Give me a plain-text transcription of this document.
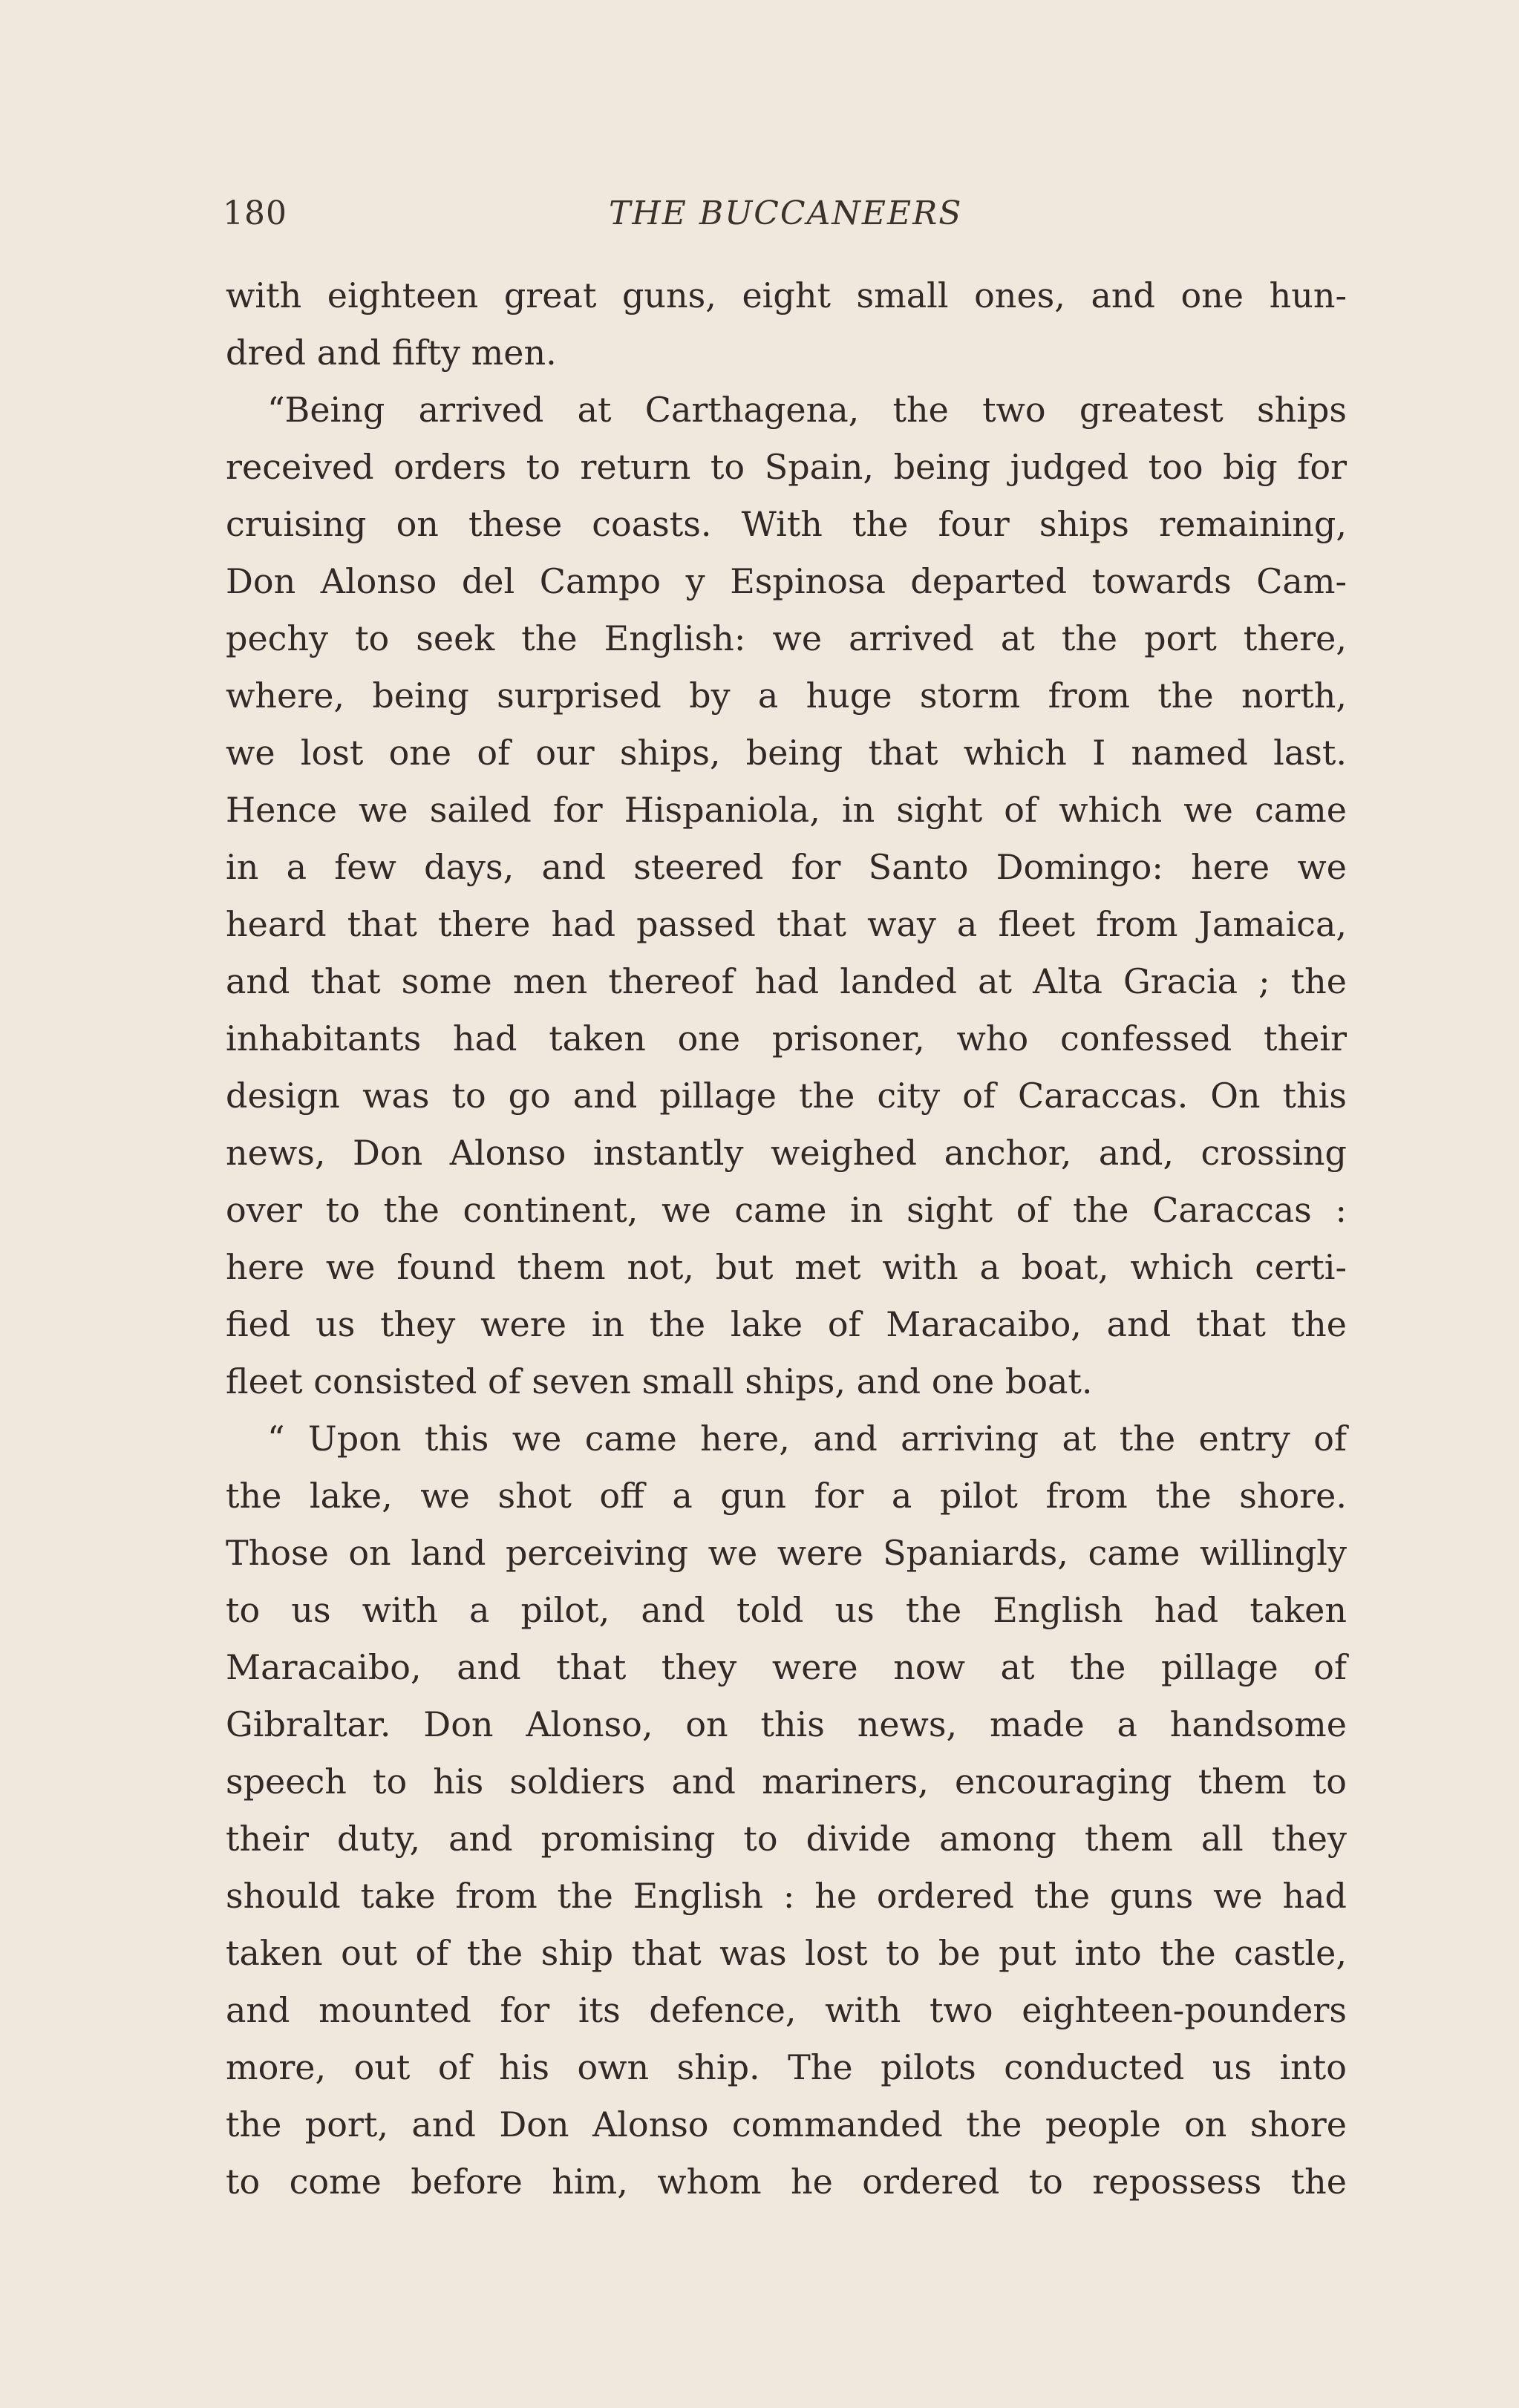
180	THE BUCCANEERS
with eighteen great guns, eight small ones, and one hun-
dred and fifty men.
“Being arrived at Carthagena, the two greatest ships
received orders to return to Spain, being judged too big for
cruising on these coasts. With the four ships remaining,
Don Alonso del Campo y Espinosa departed towards Cam-
pechy to seek the English: we arrived at the port there,
where, being surprised by a huge storm from the north,
we lost one of our ships, being that which I named last.
Hence we sailed for Hispaniola, in sight of which we came
in a few days, and steered for Santo Domingo: here we
heard that there had passed that way a fleet from Jamaica,
and that some men thereof had landed at Alta Gracia ; the
inhabitants had taken one prisoner, who confessed their
design was to go and pillage the city of Caraccas. On this
news, Don Alonso instantly weighed anchor, and, crossing
over to the continent, we came in sight of the Caraccas :
here we found them not, but met with a boat, which certi-
fied us they were in the lake of Maracaibo, and that the
fleet consisted of seven small ships, and one boat.
“ Upon this we came here, and arriving at the entry of
the lake, we shot off a gun for a pilot from the shore.
Those on land perceiving we were Spaniards, came willingly
to us with a pilot, and told us the English had taken
Maracaibo, and that they were now at the pillage of
Gibraltar. Don Alonso, on this news, made a handsome
speech to his soldiers and mariners, encouraging them to
their duty, and promising to divide among them all they
should take from the English : he ordered the guns we had
taken out of the ship that was lost to be put into the castle,
and mounted for its defence, with two eighteen-pounders
more, out of his own ship. The pilots conducted us into
the port, and Don Alonso commanded the people on shore
to come before him, whom he ordered to repossess the
